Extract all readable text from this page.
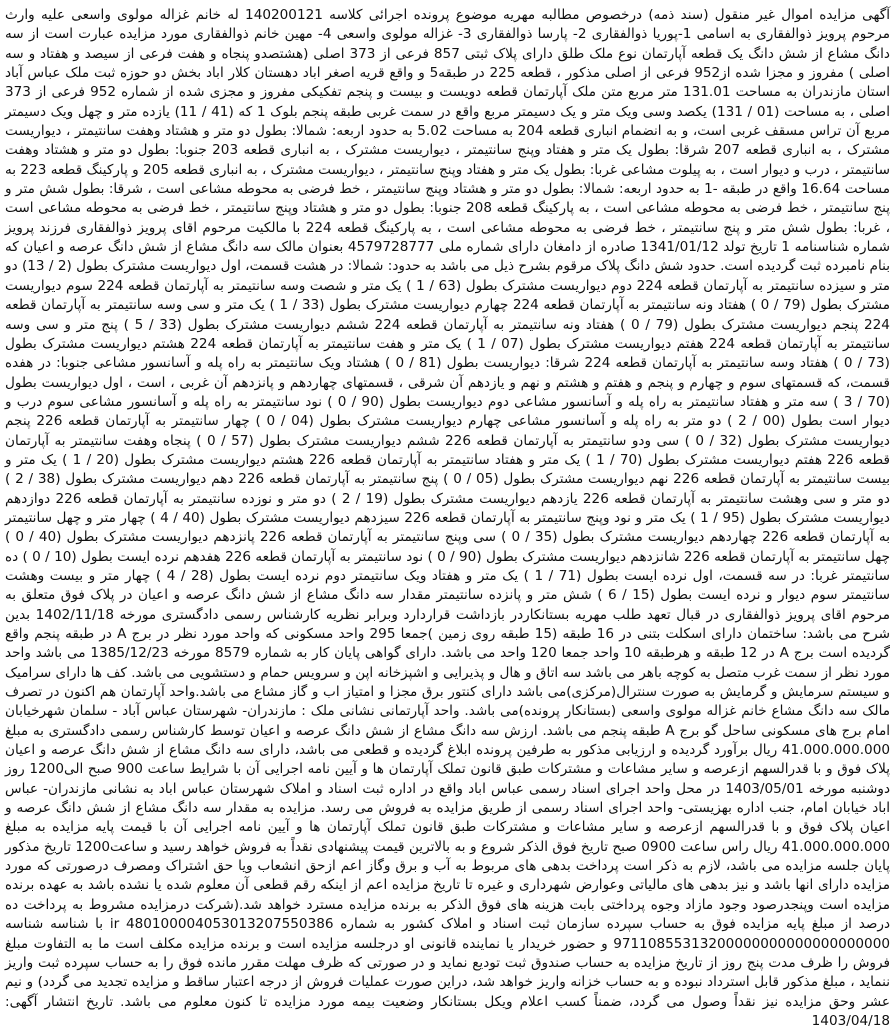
آگهی مزایده اموال غیر منقول (سند ذمه) درخصوص مطالبه مهریه موضوع پرونده اجرائی کلاسه 140200121 له خانم غزاله مولوی واسعی علیه وارث مرحوم پرویز ذوالفقاری به اسامی 1-پوریا ذوالفقاری 2- پارسا ذوالفقاری 3- غزاله مولوی واسعی 4- مهین خانم ذوالفقاری مورد مزایده عبارت است از سه دانگ مشاع از شش دانگ یک قطعه آپارتمان نوع ملک طلق دارای پلاک ثبتی 857 فرعی از 373 اصلی (هشتصدو پنجاه و هفت فرعی از سیصد و هفتاد و سه اصلی ) مفروز و مجزا شده از952 فرعی از اصلی مذکور ، قطعه 225 در طبقه5 و واقع قریه اصغر اباد دهستان کلار اباد بخش دو حوزه ثبت ملک عباس آباد استان مازندران به مساحت 131.01 متر مربع متن ملک آپارتمان قطعه دویست و بیست و پنجم تفکیکی مفروز و مجزی شده از شماره 952 فرعی از 373 اصلی ، به مساحت (01 / 131) یکصد وسی ویک متر و یک دسیمتر مربع واقع در سمت غربی طبقه پنجم بلوک 1 که (41 / 11) یازده متر و چهل ویک دسیمتر مربع آن تراس مسقف غربی است، و به انضمام انباری قطعه 204 به مساحت 5.02 به حدود اربعه: شمالا: بطول دو متر و هشتاد وهفت سانتیمتر ، دیواریست مشترک ، به انباری قطعه 207 شرقا: بطول یک متر و هفتاد وپنج سانتیمتر ، دیواریست مشترک ، به انباری قطعه 203 جنوبا: بطول دو متر و هشتاد وهفت سانتیمتر ، درب و دیوار است ، به پیلوت مشاعی غربا: بطول یک متر و هفتاد وپنج سانتیمتر ، دیواریست مشترک ، به انباری قطعه 205 و پارکینگ قطعه 223 به مساحت 16.64 واقع در طبقه -1 به حدود اربعه: شمالا: بطول دو متر و هشتاد وپنج سانتیمتر ، خط فرضی به محوطه مشاعی است ، شرقا: بطول شش متر و پنج سانتیمتر ، خط فرضی به محوطه مشاعی است ، به پارکینگ قطعه 208 جنوبا: بطول دو متر و هشتاد وپنج سانتیمتر ، خط فرضی به محوطه مشاعی است ، غربا: بطول شش متر و پنج سانتیمتر ، خط فرضی به محوطه مشاعی است ، به پارکینگ قطعه 224 با مالکیت مرحوم اقای پرویز ذوالفقاری فرزند پرویز شماره شناسنامه 1 تاریخ تولد 1341/01/12 صادره از دامغان دارای شماره ملی 4579728777 بعنوان مالک سه دانگ مشاع از شش دانگ عرصه و اعیان که بنام نامبرده ثبت گردیده است. حدود شش دانگ پلاک مرقوم بشرح ذیل می باشد به حدود: شمالا: در هشت قسمت، اول دیواریست مشترک بطول (2 / 13) دو متر و سیزده سانتیمتر به آپارتمان قطعه 224 دوم دیواریست مشترک بطول (63 / 1 ) یک متر و شصت وسه سانتیمتر به آپارتمان قطعه 224 سوم دیواریست مشترک بطول (79 / 0 ) هفتاد ونه سانتیمتر به آپارتمان قطعه 224 چهارم دیواریست مشترک بطول (33 / 1 ) یک متر و سی وسه سانتیمتر به آپارتمان قطعه 224 پنجم دیواریست مشترک بطول (79 / 0 ) هفتاد ونه سانتیمتر به آپارتمان قطعه 224 ششم دیواریست مشترک بطول (33 / 5 ) پنج متر و سی وسه سانتیمتر به آپارتمان قطعه 224 هفتم دیواریست مشترک بطول (07 / 1 ) یک متر و هفت سانتیمتر به آپارتمان قطعه 224 هشتم دیواریست مشترک بطول (73 / 0 ) هفتاد وسه سانتیمتر به آپارتمان قطعه 224 شرقا: دیواریست بطول (81 / 0 ) هشتاد ویک سانتیمتر به راه پله و آسانسور مشاعی جنوبا: در هفده قسمت، که قسمتهای سوم و چهارم و پنجم و هفتم و هشتم و نهم و یازدهم آن شرقی ، قسمتهای چهاردهم و پانزدهم آن غربی ، است ، اول دیواریست بطول (70 / 3 ) سه متر و هفتاد سانتیمتر به راه پله و آسانسور مشاعی دوم دیواریست بطول (90 / 0 ) نود سانتیمتر به راه پله و آسانسور مشاعی سوم درب و دیوار است بطول (00 / 2 ) دو متر به راه پله و آسانسور مشاعی چهارم دیواریست مشترک بطول (04 / 0 ) چهار سانتیمتر به آپارتمان قطعه 226 پنجم دیواریست مشترک بطول (32 / 0 ) سی ودو سانتیمتر به آپارتمان قطعه 226 ششم دیواریست مشترک بطول (57 / 0 ) پنجاه وهفت سانتیمتر به آپارتمان قطعه 226 هفتم دیواریست مشترک بطول (70 / 1 ) یک متر و هفتاد سانتیمتر به آپارتمان قطعه 226 هشتم دیواریست مشترک بطول (20 / 1 ) یک متر و بیست سانتیمتر به آپارتمان قطعه 226 نهم دیواریست مشترک بطول (05 / 0 ) پنج سانتیمتر به آپارتمان قطعه 226 دهم دیواریست مشترک بطول (38 / 2 ) دو متر و سی وهشت سانتیمتر به آپارتمان قطعه 226 یازدهم دیواریست مشترک بطول (19 / 2 ) دو متر و نوزده سانتیمتر به آپارتمان قطعه 226 دوازدهم دیواریست مشترک بطول (95 / 1 ) یک متر و نود وپنج سانتیمتر به آپارتمان قطعه 226 سیزدهم دیواریست مشترک بطول (40 / 4 ) چهار متر و چهل سانتیمتر به آپارتمان قطعه 226 چهاردهم دیواریست مشترک بطول (35 / 0 ) سی وپنج سانتیمتر به آپارتمان قطعه 226 پانزدهم دیواریست مشترک بطول (40 / 0 ) چهل سانتیمتر به آپارتمان قطعه 226 شانزدهم دیواریست مشترک بطول (90 / 0 ) نود سانتیمتر به آپارتمان قطعه 226 هفدهم نرده ایست بطول (10 / 0 ) ده سانتیمتر غربا: در سه قسمت، اول نرده ایست بطول (71 / 1 ) یک متر و هفتاد ویک سانتیمتر دوم نرده ایست بطول (28 / 4 ) چهار متر و بیست وهشت سانتیمتر سوم دیوار و نرده ایست بطول (15 / 6 ) شش متر و پانزده سانتیمتر مقدار سه دانگ مشاع از شش دانگ عرصه و اعیان در پلاک فوق متعلق به مرحوم اقای پرویز ذوالفقاری در قبال تعهد طلب مهریه بستانکاردر بازداشت قراردارد وبرابر نظریه کارشناس رسمی دادگستری مورخه 1402/11/18 بدین شرح می باشد: ساختمان دارای اسکلت بتنی در 16 طبقه (15 طبقه روی زمین )جمعا 295 واحد مسکونی که واحد مورد نظر در برج A در طبقه پنجم واقع گردیده است برج A در 12 طبقه و هرطبقه 10 واحد جمعا 120 واحد می باشد. دارای گواهی پایان کار به شماره 8579 مورخه 1385/12/23 می باشد واحد مورد نظر از سمت غرب متصل به کوچه باهر می باشد سه اتاق و هال و پذیرایی و اشپزخانه اپن و سرویس حمام و دستشویی می باشد. کف ها دارای سرامیک و سیستم سرمایش و گرمایش به صورت سنترال(مرکزی)می باشد دارای کنتور برق مجزا و امتیاز اب و گاز مشاع می باشد.واحد آپارتمان هم اکنون در تصرف مالک سه دانگ مشاع خانم غزاله مولوی واسعی (بستانکار پرونده)می باشد. واحد آپارتمانی نشانی ملک : مازندران- شهرستان عباس آباد - سلمان شهرخیابان امام برج های مسکونی ساحل گو برج A طبقه پنجم می باشد. ارزش سه دانگ مشاع از شش دانگ عرصه و اعیان توسط کارشناس رسمی دادگستری به مبلغ 41.000.000.000 ریال برآورد گردیده و ارزیابی مذکور به طرفین پرونده ابلاغ گردیده و قطعی می باشد، دارای سه دانگ مشاع از شش دانگ عرصه و اعیان پلاک فوق و با قدرالسهم ازعرصه و سایر مشاعات و مشترکات طبق قانون تملک آپارتمان ها و آیین نامه اجرایی آن با شرایط ساعت 900 صبح الی1200 روز دوشنبه مورخه 1403/05/01 در محل واحد اجرای اسناد رسمی عباس اباد واقع در اداره ثبت اسناد و املاک شهرستان عباس اباد به نشانی مازندران- عباس اباد خیابان امام، جنب اداره بهزیستی- واحد اجرای اسناد رسمی از طریق مزایده به فروش می رسد. مزایده به مقدار سه دانگ مشاع از شش دانگ عرصه و اعیان پلاک فوق و با قدرالسهم ازعرصه و سایر مشاعات و مشترکات طبق قانون تملک آپارتمان ها و آیین نامه اجرایی آن با قیمت پایه مزایده به مبلغ 41.000.000.000 ریال راس ساعت 0900 صبح تاریخ فوق الذکر شروع و به بالاترین قیمت پیشنهادی نقداً به فروش خواهد رسید و ساعت1200 تاریخ مذکور پایان جلسه مزایده می باشد، لازم به ذکر است پرداخت بدهی های مربوط به آب و برق وگاز اعم ازحق انشعاب ویا حق اشتراک ومصرف درصورتی که مورد مزایده دارای انها باشد و نیز بدهی های مالیاتی وعوارض شهرداری و غیره تا تاریخ مزایده اعم از اینکه رقم قطعی آن معلوم شده یا نشده باشد به عهده برنده مزایده است وپنجدرصود وجود مازاد وجوه پرداختی بابت هزینه های فوق الذکر به برنده مزایده مسترد خواهد شد.(شرکت درمزایده مشروط به پرداخت ده درصد از مبلغ پایه مزایده فوق به حساب سپرده سازمان ثبت اسناد و املاک کشور به شماره ir 480100004053013207550386 با شناسه شناسه 97110855313200000000000000000000 و حضور خریدار یا نماینده قانونی او درجلسه مزایده است و برنده مزایده مکلف است ما به التفاوت مبلغ فروش را ظرف مدت پنج روز از تاریخ مزایده به حساب صندوق ثبت تودیع نماید و در صورتی که ظرف مهلت مقرر مانده فوق را به حساب سپرده ثبت واریز ننماید ، مبلغ مذکور قابل استرداد نبوده و به حساب خزانه واریز خواهد شد، دراین صورت عملیات فروش از درجه اعتبار ساقط و مزایده تجدید می گردد) و نیم عشر وحق مزایده نیز نقداً وصول می گردد، ضمناً کسب اعلام ویکل بستانکار وضعیت بیمه مورد مزایده تا کنون معلوم می باشد. تاریخ انتشار آگهی: 1403/04/18
